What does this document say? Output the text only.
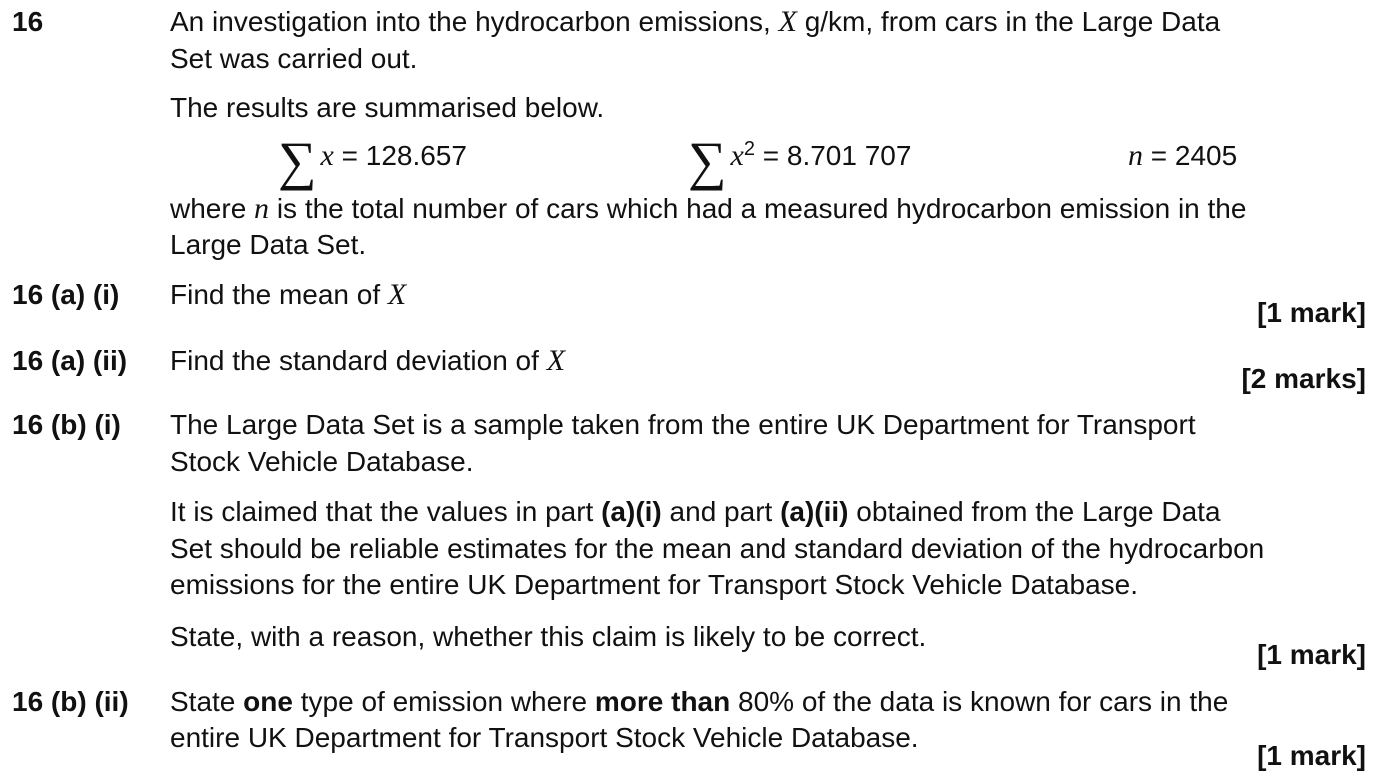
16	An investigation into the hydrocarbon emissions, X g/km, from cars in the Large Data
Set was carried out.
The results are summarised below.
∑ x = 128.657	∑ $x^2 = 8.701$ 707	n = 2405
where n is the total number of cars which had a measured hydrocarbon emission in the
Large Data Set.
16 (a) (i) Find the mean of X
[1 mark]
16 (a) (ii) Find the standard deviation of X
[2 marks]
16 (b) (i) The Large Data Set is a sample taken from the entire UK Department for Transport
Stock Vehicle Database.
It is claimed that the values in part (a)(i) and part (a)(ii) obtained from the Large Data
Set should be reliable estimates for the mean and standard deviation of the hydrocarbon
emissions for the entire UK Department for Transport Stock Vehicle Database.
State, with a reason, whether this claim is likely to be correct.
[1 mark]
16 (b) (ii) State one type of emission where more than 80% of the data is known for cars in the
entire UK Department for Transport Stock Vehicle Database.
[1 mark]
